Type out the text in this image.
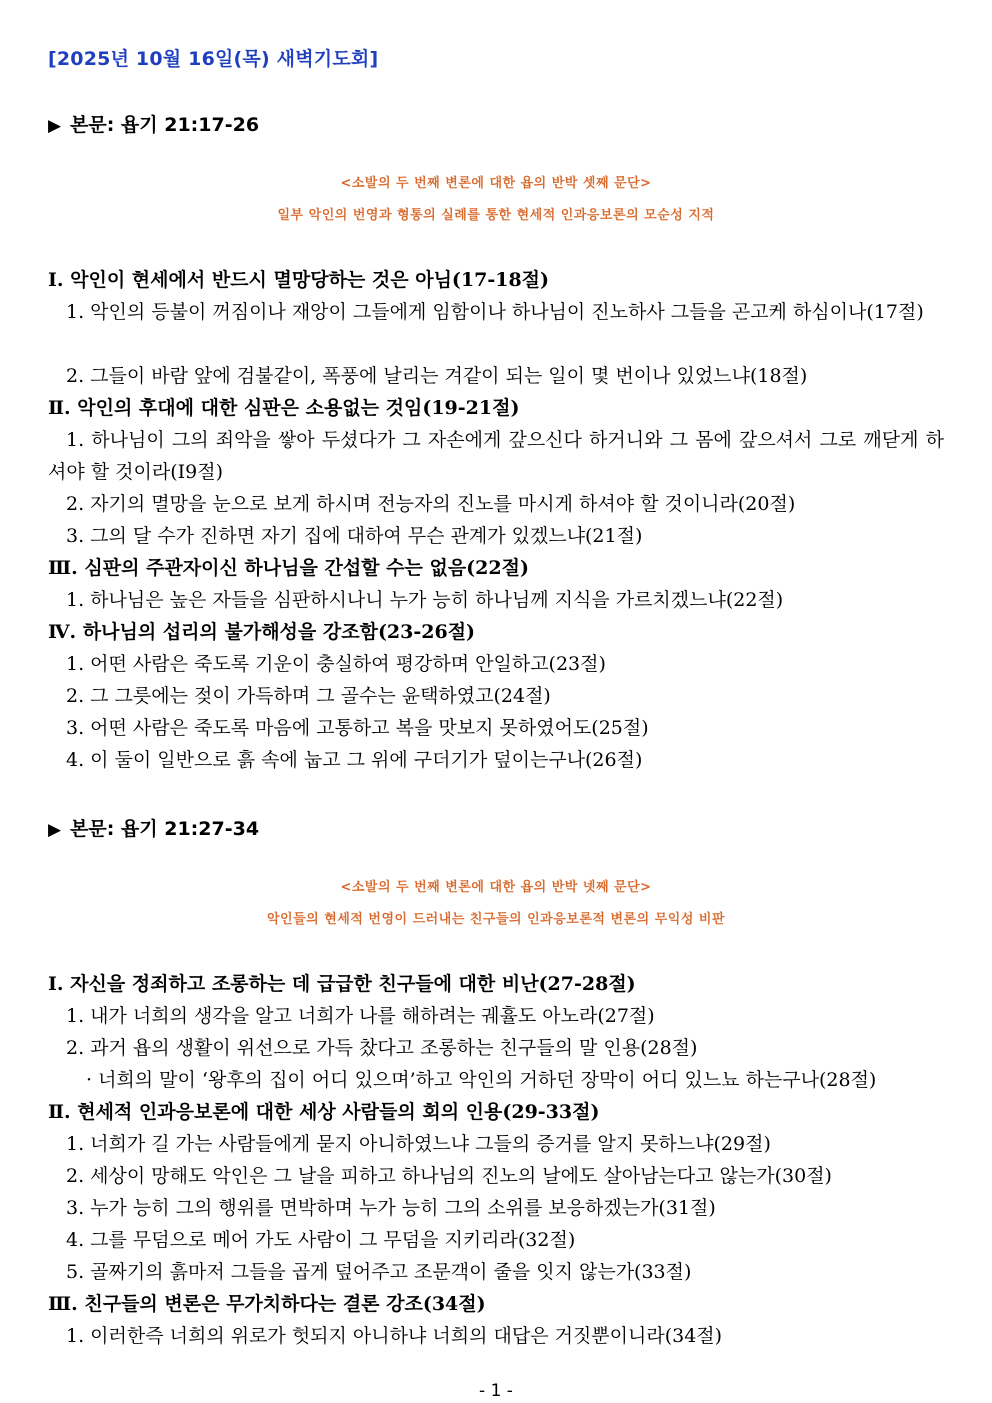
[2025년 10월 16일(목) 새벽기도회]
▶ 본문: 욥기 21:17-26
<소발의 두 번째 변론에 대한 욥의 반박 셋째 문단>
일부 악인의 번영과 형통의 실례를 통한 현세적 인과응보론의 모순성 지적
Ⅰ. 악인이 현세에서 반드시 멸망당하는 것은 아님(17-18절)
1. 악인의 등불이 꺼짐이나 재앙이 그들에게 임함이나 하나님이 진노하사 그들을 곤고케 하심이나(17절)
2. 그들이 바람 앞에 검불같이, 폭풍에 날리는 겨같이 되는 일이 몇 번이나 있었느냐(18절)
Ⅱ. 악인의 후대에 대한 심판은 소용없는 것임(19-21절)
1. 하나님이 그의 죄악을 쌓아 두셨다가 그 자손에게 갚으신다 하거니와 그 몸에 갚으셔서 그로 깨닫게 하셔야 할 것이라(I9절)
2. 자기의 멸망을 눈으로 보게 하시며 전능자의 진노를 마시게 하셔야 할 것이니라(20절)
3. 그의 달 수가 진하면 자기 집에 대하여 무슨 관계가 있겠느냐(21절)
Ⅲ. 심판의 주관자이신 하나님을 간섭할 수는 없음(22절)
1. 하나님은 높은 자들을 심판하시나니 누가 능히 하나님께 지식을 가르치겠느냐(22절)
Ⅳ. 하나님의 섭리의 불가해성을 강조함(23-26절)
1. 어떤 사람은 죽도록 기운이 충실하여 평강하며 안일하고(23절)
2. 그 그릇에는 젖이 가득하며 그 골수는 윤택하였고(24절)
3. 어떤 사람은 죽도록 마음에 고통하고 복을 맛보지 못하였어도(25절)
4. 이 둘이 일반으로 흙 속에 눕고 그 위에 구더기가 덮이는구나(26절)
▶ 본문: 욥기 21:27-34
<소발의 두 번째 변론에 대한 욥의 반박 넷째 문단>
악인들의 현세적 번영이 드러내는 친구들의 인과응보론적 변론의 무익성 비판
Ⅰ. 자신을 정죄하고 조롱하는 데 급급한 친구들에 대한 비난(27-28절)
1. 내가 너희의 생각을 알고 너희가 나를 해하려는 궤휼도 아노라(27절)
2. 과거 욥의 생활이 위선으로 가득 찼다고 조롱하는 친구들의 말 인용(28절)
· 너희의 말이 ‘왕후의 집이 어디 있으며’하고 악인의 거하던 장막이 어디 있느뇨 하는구나(28절)
Ⅱ. 현세적 인과응보론에 대한 세상 사람들의 회의 인용(29-33절)
1. 너희가 길 가는 사람들에게 묻지 아니하였느냐 그들의 증거를 알지 못하느냐(29절)
2. 세상이 망해도 악인은 그 날을 피하고 하나님의 진노의 날에도 살아남는다고 않는가(30절)
3. 누가 능히 그의 행위를 면박하며 누가 능히 그의 소위를 보응하겠는가(31절)
4. 그를 무덤으로 메어 가도 사람이 그 무덤을 지키리라(32절)
5. 골짜기의 흙마저 그들을 곱게 덮어주고 조문객이 줄을 잇지 않는가(33절)
Ⅲ. 친구들의 변론은 무가치하다는 결론 강조(34절)
1. 이러한즉 너희의 위로가 헛되지 아니하냐 너희의 대답은 거짓뿐이니라(34절)
- 1 -
